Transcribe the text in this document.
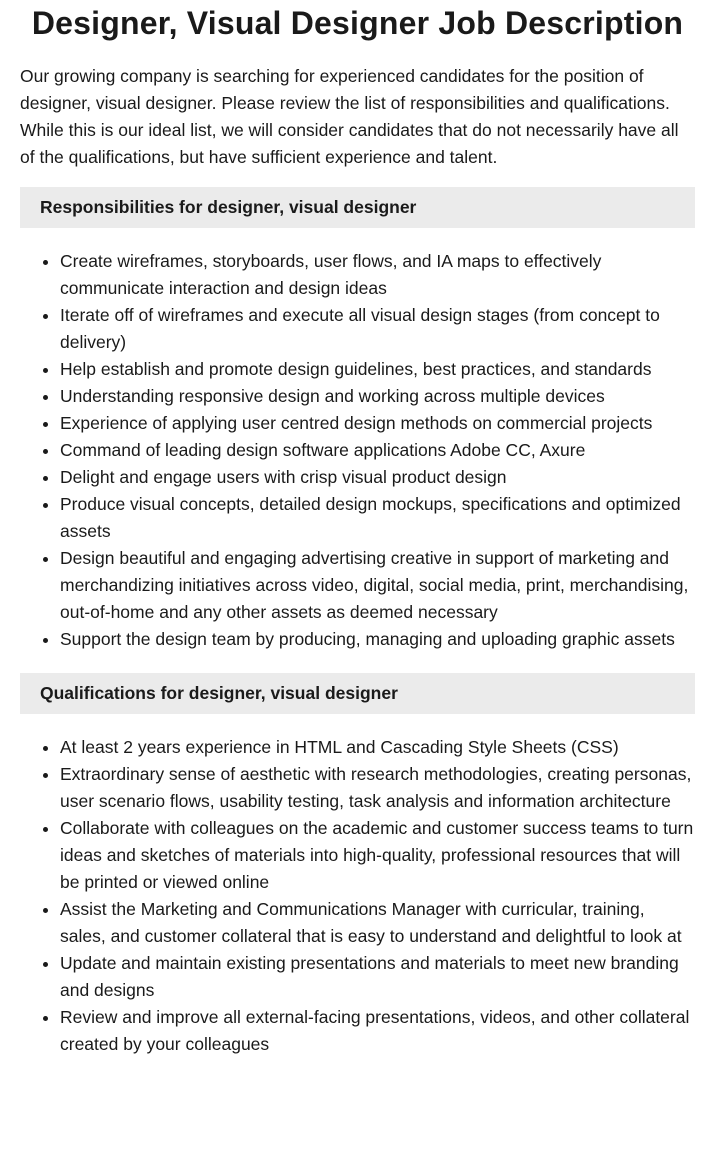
Designer, Visual Designer Job Description

Our growing company is searching for experienced candidates for the position of designer, visual designer. Please review the list of responsibilities and qualifications. While this is our ideal list, we will consider candidates that do not necessarily have all of the qualifications, but have sufficient experience and talent.

Responsibilities for designer, visual designer
• Create wireframes, storyboards, user flows, and IA maps to effectively communicate interaction and design ideas
• Iterate off of wireframes and execute all visual design stages (from concept to delivery)
• Help establish and promote design guidelines, best practices, and standards
• Understanding responsive design and working across multiple devices
• Experience of applying user centred design methods on commercial projects
• Command of leading design software applications Adobe CC, Axure
• Delight and engage users with crisp visual product design
• Produce visual concepts, detailed design mockups, specifications and optimized assets
• Design beautiful and engaging advertising creative in support of marketing and merchandizing initiatives across video, digital, social media, print, merchandising, out-of-home and any other assets as deemed necessary
• Support the design team by producing, managing and uploading graphic assets
Qualifications for designer, visual designer
• At least 2 years experience in HTML and Cascading Style Sheets (CSS)
• Extraordinary sense of aesthetic with research methodologies, creating personas, user scenario flows, usability testing, task analysis and information architecture
• Collaborate with colleagues on the academic and customer success teams to turn ideas and sketches of materials into high-quality, professional resources that will be printed or viewed online
• Assist the Marketing and Communications Manager with curricular, training, sales, and customer collateral that is easy to understand and delightful to look at
• Update and maintain existing presentations and materials to meet new branding and designs
• Review and improve all external-facing presentations, videos, and other collateral created by your colleagues
